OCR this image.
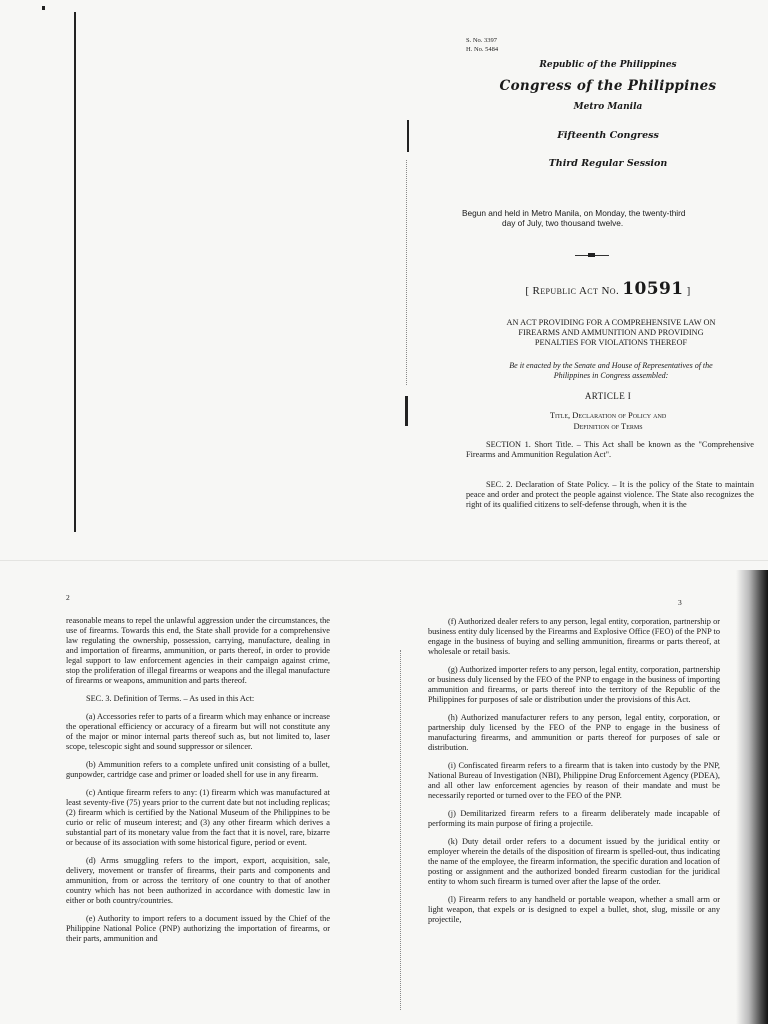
S. No. 3397

H. No. 5484

Republic of the Philippines
Congress of the Philippines
Metro Manila
Fifteenth Congress
Third Regular Session

Begun and held in Metro Manila, on Monday, the twenty-third

day of July, two thousand twelve.

[ Republic Act No. 10591 ]

AN ACT PROVIDING FOR A COMPREHENSIVE LAW ON

FIREARMS AND AMMUNITION AND PROVIDING

PENALTIES FOR VIOLATIONS THEREOF

Be it enacted by the Senate and House of Representatives of the

Philippines in Congress assembled:

ARTICLE I

Title, Declaration of Policy and

Definition of Terms

SECTION 1. Short Title. – This Act shall be known as the "Comprehensive Firearms and Ammunition Regulation Act".
SEC. 2. Declaration of State Policy. – It is the policy of the State to maintain peace and order and protect the people against violence. The State also recognizes the right of its qualified citizens to self-defense through, when it is the
2

reasonable means to repel the unlawful aggression under the circumstances, the use of firearms. Towards this end, the State shall provide for a comprehensive law regulating the ownership, possession, carrying, manufacture, dealing in and importation of firearms, ammunition, or parts thereof, in order to provide legal support to law enforcement agencies in their campaign against crime, stop the proliferation of illegal firearms or weapons and the illegal manufacture of firearms or weapons, ammunition and parts thereof.

SEC. 3. Definition of Terms. – As used in this Act:

(a) Accessories refer to parts of a firearm which may enhance or increase the operational efficiency or accuracy of a firearm but will not constitute any of the major or minor internal parts thereof such as, but not limited to, laser scope, telescopic sight and sound suppressor or silencer.

(b) Ammunition refers to a complete unfired unit consisting of a bullet, gunpowder, cartridge case and primer or loaded shell for use in any firearm.

(c) Antique firearm refers to any: (1) firearm which was manufactured at least seventy-five (75) years prior to the current date but not including replicas; (2) firearm which is certified by the National Museum of the Philippines to be curio or relic of museum interest; and (3) any other firearm which derives a substantial part of its monetary value from the fact that it is novel, rare, bizarre or because of its association with some historical figure, period or event.

(d) Arms smuggling refers to the import, export, acquisition, sale, delivery, movement or transfer of firearms, their parts and components and ammunition, from or across the territory of one country to that of another country which has not been authorized in accordance with domestic law in either or both country/countries.

(e) Authority to import refers to a document issued by the Chief of the Philippine National Police (PNP) authorizing the importation of firearms, or their parts, ammunition and

3

(f) Authorized dealer refers to any person, legal entity, corporation, partnership or business entity duly licensed by the Firearms and Explosive Office (FEO) of the PNP to engage in the business of buying and selling ammunition, firearms or parts thereof, at wholesale or retail basis.

(g) Authorized importer refers to any person, legal entity, corporation, partnership or business duly licensed by the FEO of the PNP to engage in the business of importing ammunition and firearms, or parts thereof into the territory of the Republic of the Philippines for purposes of sale or distribution under the provisions of this Act.

(h) Authorized manufacturer refers to any person, legal entity, corporation, or partnership duly licensed by the FEO of the PNP to engage in the business of manufacturing firearms, and ammunition or parts thereof for purposes of sale or distribution.

(i) Confiscated firearm refers to a firearm that is taken into custody by the PNP, National Bureau of Investigation (NBI), Philippine Drug Enforcement Agency (PDEA), and all other law enforcement agencies by reason of their mandate and must be necessarily reported or turned over to the FEO of the PNP.

(j) Demilitarized firearm refers to a firearm deliberately made incapable of performing its main purpose of firing a projectile.

(k) Duty detail order refers to a document issued by the juridical entity or employer wherein the details of the disposition of firearm is spelled-out, thus indicating the name of the employee, the firearm information, the specific duration and location of posting or assignment and the authorized bonded firearm custodian for the juridical entity to whom such firearm is turned over after the lapse of the order.

(l) Firearm refers to any handheld or portable weapon, whether a small arm or light weapon, that expels or is designed to expel a bullet, shot, slug, missile or any projectile,
